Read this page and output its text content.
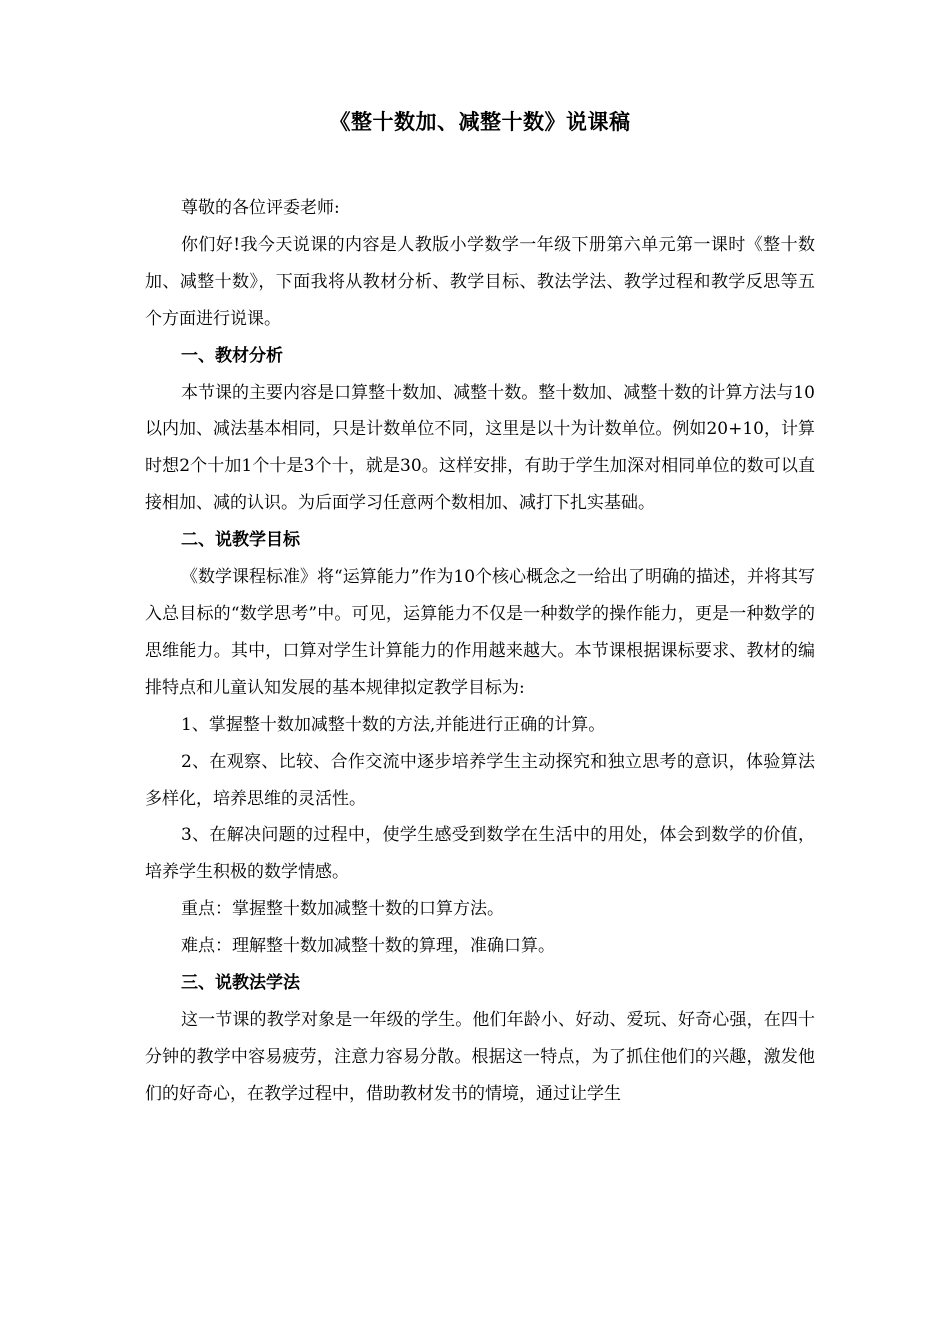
《整十数加、减整十数》说课稿

尊敬的各位评委老师:

你们好!我今天说课的内容是人教版小学数学一年级下册第六单元第一课时《整十数加、减整十数》，下面我将从教材分析、教学目标、教法学法、教学过程和教学反思等五个方面进行说课。

一、教材分析

本节课的主要内容是口算整十数加、减整十数。整十数加、减整十数的计算方法与10以内加、减法基本相同，只是计数单位不同，这里是以十为计数单位。例如20+10，计算时想2个十加1个十是3个十，就是30。这样安排，有助于学生加深对相同单位的数可以直接相加、减的认识。为后面学习任意两个数相加、减打下扎实基础。

二、说教学目标

《数学课程标准》将“运算能力”作为10个核心概念之一给出了明确的描述，并将其写入总目标的“数学思考”中。可见，运算能力不仅是一种数学的操作能力，更是一种数学的思维能力。其中，口算对学生计算能力的作用越来越大。本节课根据课标要求、教材的编排特点和儿童认知发展的基本规律拟定教学目标为:

1、掌握整十数加减整十数的方法,并能进行正确的计算。

2、在观察、比较、合作交流中逐步培养学生主动探究和独立思考的意识，体验算法多样化，培养思维的灵活性。

3、在解决问题的过程中，使学生感受到数学在生活中的用处，体会到数学的价值，培养学生积极的数学情感。

重点：掌握整十数加减整十数的口算方法。

难点：理解整十数加减整十数的算理，准确口算。

三、说教法学法

这一节课的教学对象是一年级的学生。他们年龄小、好动、爱玩、好奇心强，在四十分钟的教学中容易疲劳，注意力容易分散。根据这一特点，为了抓住他们的兴趣，激发他们的好奇心，在教学过程中，借助教材发书的情境，通过让学生
